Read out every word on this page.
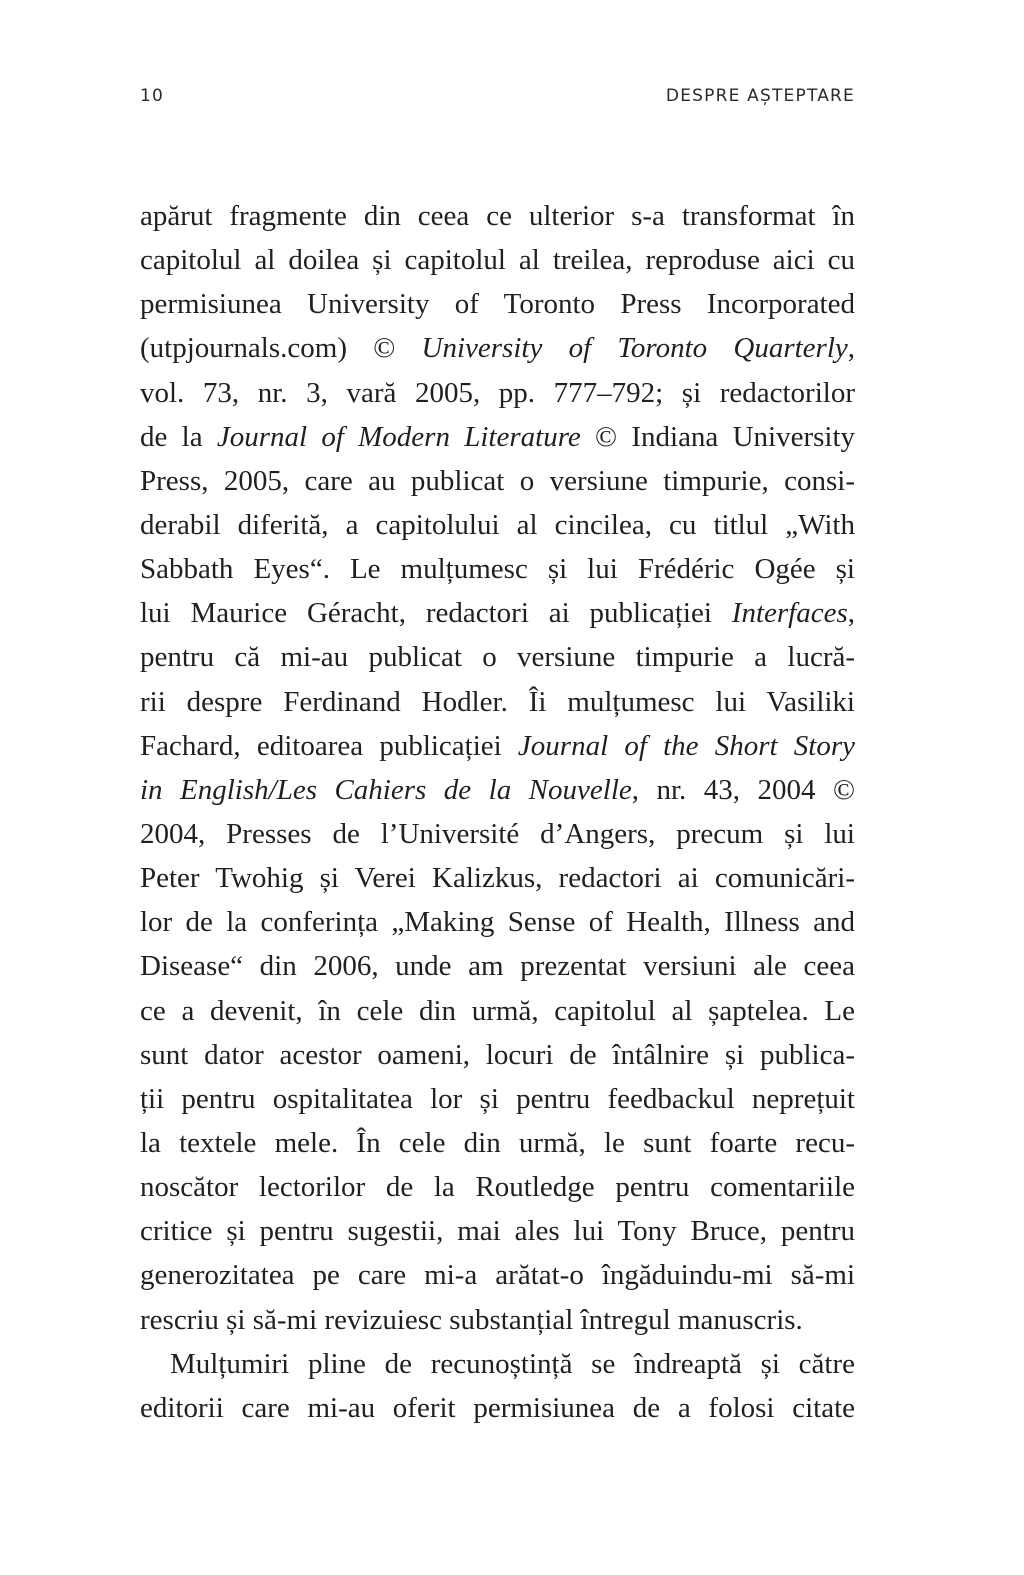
10	DESPRE AȘTEPTARE
apărut fragmente din ceea ce ulterior s-a transformat în
capitolul al doilea și capitolul al treilea, reproduse aici cu
permisiunea University of Toronto Press Incorporated
(utpjournals.com) © University of Toronto Quarterly,
vol. 73, nr. 3, vară 2005, pp. 777–792; și redactorilor
de la Journal of Modern Literature © Indiana University
Press, 2005, care au publicat o versiune timpurie, consi-
derabil diferită, a capitolului al cincilea, cu titlul „With
Sabbath Eyes“. Le mulțumesc și lui Frédéric Ogée și
lui Maurice Géracht, redactori ai publicației Interfaces,
pentru că mi-au publicat o versiune timpurie a lucră-
rii despre Ferdinand Hodler. Îi mulțumesc lui Vasiliki
Fachard, editoarea publicației Journal of the Short Story
in English/Les Cahiers de la Nouvelle, nr. 43, 2004 ©
2004, Presses de l’Université d’Angers, precum și lui
Peter Twohig și Verei Kalizkus, redactori ai comunicări-
lor de la conferința „Making Sense of Health, Illness and
Disease“ din 2006, unde am prezentat versiuni ale ceea
ce a devenit, în cele din urmă, capitolul al șaptelea. Le
sunt dator acestor oameni, locuri de întâlnire și publica-
ții pentru ospitalitatea lor și pentru feedbackul neprețuit
la textele mele. În cele din urmă, le sunt foarte recu-
noscător lectorilor de la Routledge pentru comentariile
critice și pentru sugestii, mai ales lui Tony Bruce, pentru
generozitatea pe care mi-a arătat-o îngăduindu-mi să-mi
rescriu și să-mi revizuiesc substanțial întregul manuscris.
Mulțumiri pline de recunoștință se îndreaptă și către
editorii care mi-au oferit permisiunea de a folosi citate
